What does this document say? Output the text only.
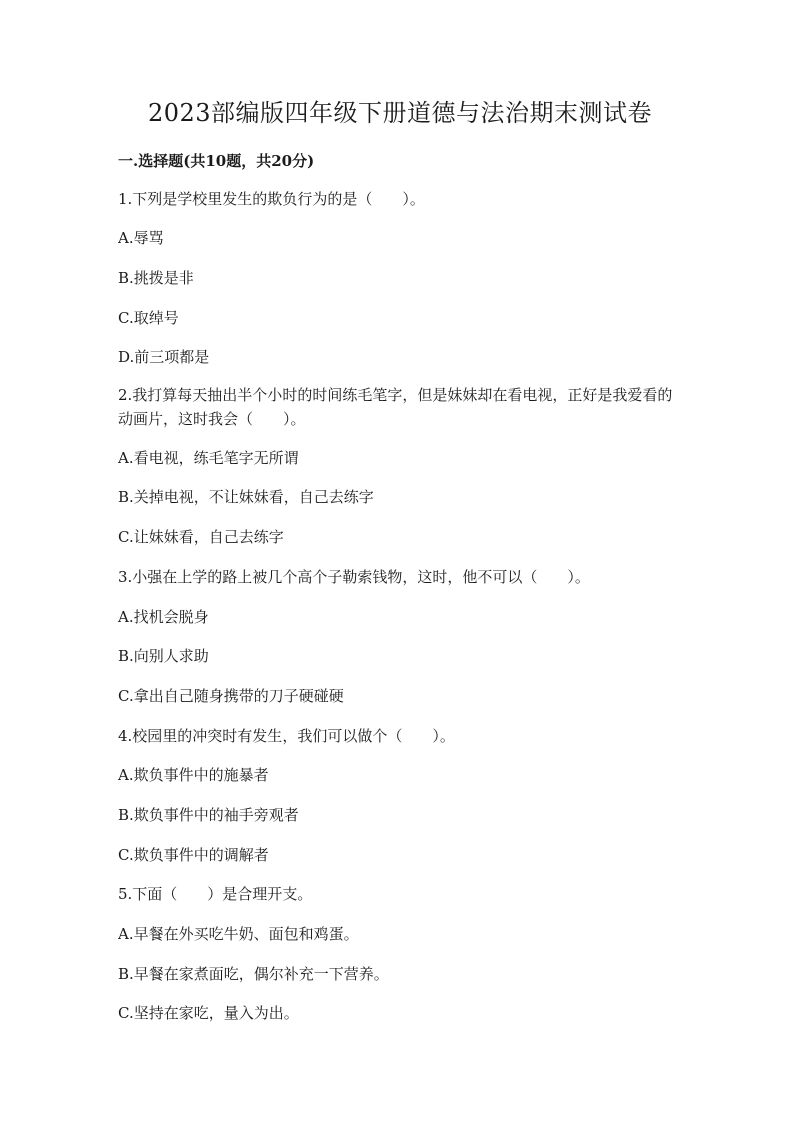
2023部编版四年级下册道德与法治期末测试卷
一.选择题(共10题，共20分)
1.下列是学校里发生的欺负行为的是（　　）。
A.辱骂
B.挑拨是非
C.取绰号
D.前三项都是
2.我打算每天抽出半个小时的时间练毛笔字，但是妹妹却在看电视，正好是我爱看的动画片，这时我会（　　）。
A.看电视，练毛笔字无所谓
B.关掉电视，不让妹妹看，自己去练字
C.让妹妹看，自己去练字
3.小强在上学的路上被几个高个子勒索钱物，这时，他不可以（　　）。
A.找机会脱身
B.向别人求助
C.拿出自己随身携带的刀子硬碰硬
4.校园里的冲突时有发生，我们可以做个（　　）。
A.欺负事件中的施暴者
B.欺负事件中的袖手旁观者
C.欺负事件中的调解者
5.下面（　　）是合理开支。
A.早餐在外买吃牛奶、面包和鸡蛋。
B.早餐在家煮面吃，偶尔补充一下营养。
C.坚持在家吃，量入为出。
